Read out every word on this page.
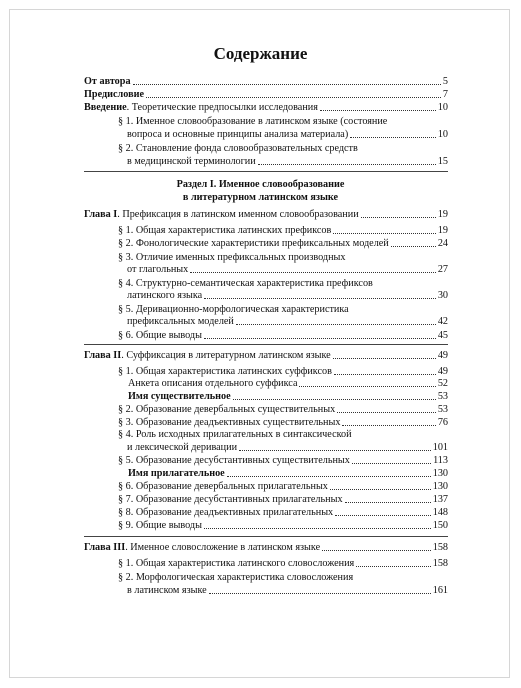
Содержание
От автора	5
Предисловие	7
Введение. Теоретические предпосылки исследования	10
§ 1. Именное словообразование в латинском языке (состояние
вопроса и основные принципы анализа материала)	10
§ 2. Становление фонда словообразовательных средств
в медицинской терминологии	15
Раздел I. Именное словообразование
в литературном латинском языке
Глава I. Префиксация в латинском именном словообразовании	19
§ 1. Общая характеристика латинских префиксов	19
§ 2. Фонологические характеристики префиксальных моделей	24
§ 3. Отличие именных префиксальных производных
от глагольных	27
§ 4. Структурно-семантическая характеристика префиксов
латинского языка	30
§ 5. Деривационно-морфологическая характеристика
префиксальных моделей	42
§ 6. Общие выводы	45
Глава II. Суффиксация в литературном латинском языке	49
§ 1. Общая характеристика латинских суффиксов	49
Анкета описания отдельного суффикса	52
Имя существительное	53
§ 2. Образование девербальных существительных	53
§ 3. Образование деадъективных существительных	76
§ 4. Роль исходных прилагательных в синтаксической
и лексической деривации	101
§ 5. Образование десубстантивных существительных	113
Имя прилагательное	130
§ 6. Образование девербальных прилагательных	130
§ 7. Образование десубстантивных прилагательных	137
§ 8. Образование деадъективных прилагательных	148
§ 9. Общие выводы	150
Глава III. Именное словосложение в латинском языке	158
§ 1. Общая характеристика латинского словосложения	158
§ 2. Морфологическая характеристика словосложения
в латинском языке	161
